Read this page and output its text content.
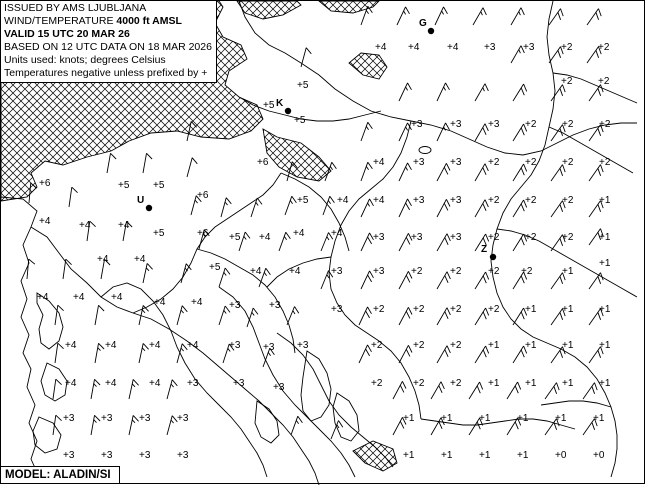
+4 +4	+4	+3	+3	+2	+2
+2	+2
+5
+5
+5	+3	+3	+3	+2	+2	+2
+6	+4	+3	+3	+2	+2	+2	+2
+5 +5
+6	+5	+4 +4	+3	+3	+2	+2	+2	+1
+4	+4	+4
+5	+6 +5 +4 +4	+4	+3	+3	+3	+2	+2	+2	+1
+4	+4
+5	+4	+4	+3	+3	+2	+2	+2 +2	+1
+1
+4 +4	+4	+4	+4	+3	+3	+3	+2	+2	+2	+2	+1	+1	+1
+4	+4	+4	+4	+3	+3	+2	+2	+2	+1	+1	+1	+1
+4	+4	+4	+3	+3	+3	+2	+2	+2	+1	+1	+1	+1
+3	+3	+3	+3	+1	+1	+1	+1	+1	+1
+3	+3	+3	+3	+1	+1	+1	+1	+0	+0
+3
+6
G
K
U
Z
ISSUED BY AMS LJUBLJANA
WIND/TEMPERATURE 4000 ft AMSL
VALID 15 UTC 20 MAR 26
BASED ON 12 UTC DATA ON 18 MAR 2026
Units used: knots; degrees Celsius
Temperatures negative unless prefixed by +
MODEL: ALADIN/SI
